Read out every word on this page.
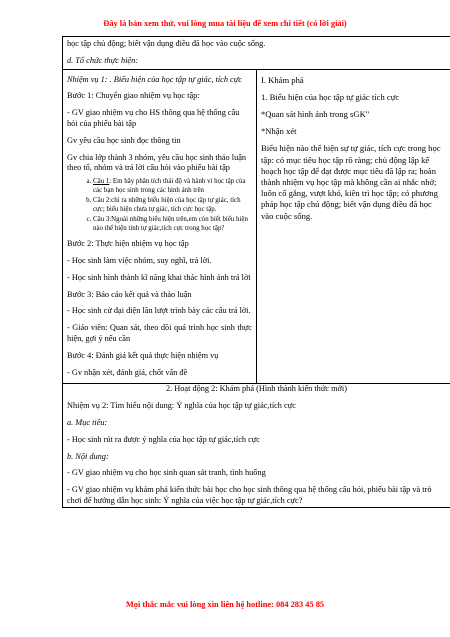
Đây là bản xem thử, vui lòng mua tài liệu để xem chi tiết (có lời giải)

học tập chủ động; biết vận dụng điều đã học vào cuộc sống.

d. Tổ chức thực hiện:

Nhiệm vụ 1: . Biểu hiện của học tập tự giác, tích cực

Bước 1: Chuyển giao nhiệm vụ học tập:

- GV giao nhiệm vụ cho HS thông qua hệ thống câu hỏi của phiếu bài tập

Gv yêu cầu học sinh đọc thông tin

Gv chia lớp thành 3 nhóm, yêu cầu học sinh thảo luận theo tổ, nhóm và trả lời câu hỏi vào phiếu bài tập

a. Câu 1: Em hãy phân tích thái độ và hành vi học tập của các bạn học sinh trong các hình ảnh trên
b. Câu 2:chỉ ra những biểu hiện của học tập tự giác, tích cực; biểu hiện chưa tự giác, tích cực học tập.
c. Câu 3:Ngoài những biểu hiện trên,em còn biết biểu hiện nào thể hiện tinh tự giác,tích cực trong học tập?

Bước 2: Thực hiện nhiệm vụ học tập

- Học sinh làm việc nhóm, suy nghĩ, trả lời.

- Học sinh hình thành kĩ năng khai thác hình ảnh trả lời

Bước 3: Báo cáo kết quả và thảo luận

- Học sinh cử đại diện lần lượt trình bày các câu trả lời.

- Giáo viên: Quan sát, theo dõi quá trình học sinh thực hiện, gợi ý nếu cần

Bước 4: Đánh giá kết quả thực hiện nhiệm vụ

- Gv nhận xét, đánh giá, chốt vấn đề

I. Khám phá

1. Biểu hiện của học tập tự giác tích cực

*Quan sát hình ảnh trong sGK"

*Nhận xét

Biểu hiện nào thể hiện sự tự giác, tích cực trong học tập: có mục tiêu học tập rõ ràng; chủ động lập kế hoạch học tập để đạt được mục tiêu đã lập ra; hoàn thành nhiệm vụ học tập mà không cần ai nhắc nhở; luôn cố gắng, vượt khó, kiên trì học tập; có phương pháp học tập chủ động; biết vận dụng điều đã học vào cuộc sống.

2. Hoạt động 2: Khám phá (Hình thành kiến thức mới)

Nhiệm vụ 2: Tìm hiểu nội dung: Ý nghĩa của học tập tự giác,tích cực

a. Mục tiêu:

- Học sinh rút ra được ý nghĩa của học tập tự giác,tích cực

b. Nội dung:

- GV giao nhiệm vụ cho học sinh quan sát tranh, tình huống

- GV giao nhiệm vụ khám phá kiến thức bài học cho học sinh thông qua hệ thống câu hỏi, phiếu bài tập và trò chơi để hướng dẫn học sinh: Ý nghĩa của việc học tập tự giác,tích cực?

Mọi thắc mắc vui lòng xin liên hệ hotline: 084 283 45 85
